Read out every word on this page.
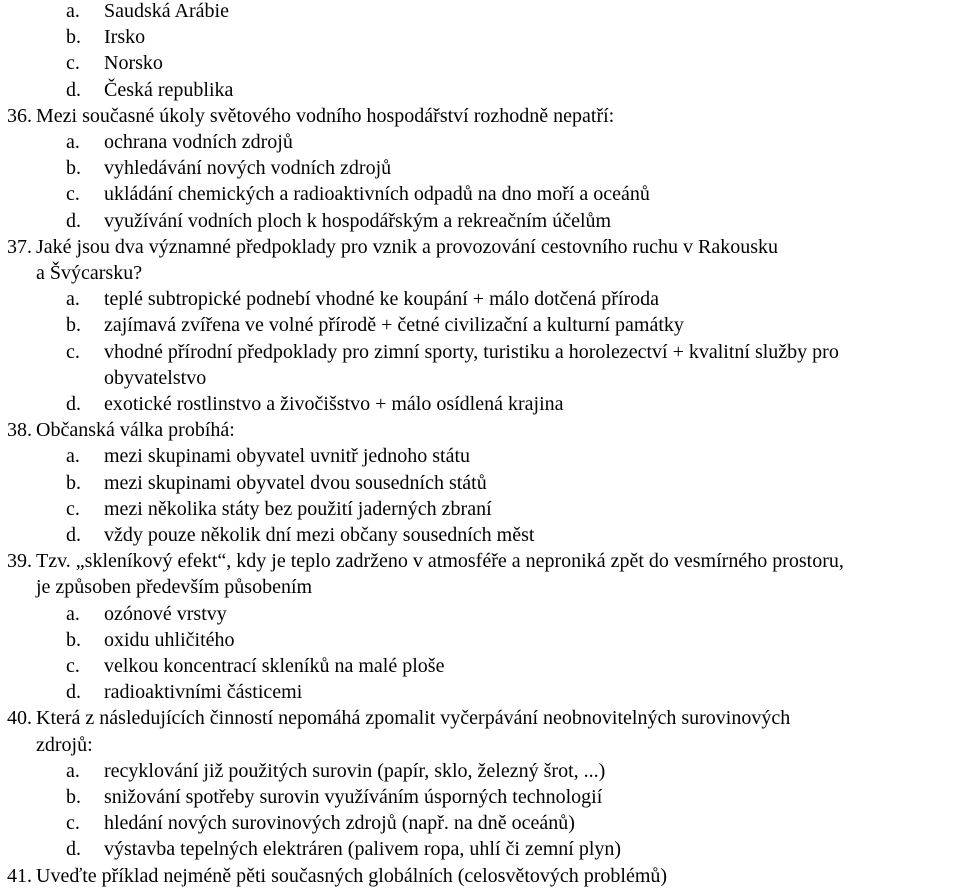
a. Saudská Arábie
b. Irsko
c. Norsko
d. Česká republika
36. Mezi současné úkoly světového vodního hospodářství rozhodně nepatří:
a. ochrana vodních zdrojů
b. vyhledávání nových vodních zdrojů
c. ukládání chemických a radioaktivních odpadů na dno moří a oceánů
d. využívání vodních ploch k hospodářským a rekreačním účelům
37. Jaké jsou dva významné předpoklady pro vznik a provozování cestovního ruchu v Rakousku
a Švýcarsku?
a. teplé subtropické podnebí vhodné ke koupání + málo dotčená příroda
b. zajímavá zvířena ve volné přírodě + četné civilizační a kulturní památky
c. vhodné přírodní předpoklady pro zimní sporty, turistiku a horolezectví + kvalitní služby pro
obyvatelstvo
d. exotické rostlinstvo a živočišstvo + málo osídlená krajina
38. Občanská válka probíhá:
a. mezi skupinami obyvatel uvnitř jednoho státu
b. mezi skupinami obyvatel dvou sousedních států
c. mezi několika státy bez použití jaderných zbraní
d. vždy pouze několik dní mezi občany sousedních měst
39. Tzv. „skleníkový efekt“, kdy je teplo zadrženo v atmosféře a neproniká zpět do vesmírného prostoru,
je způsoben především působením
a. ozónové vrstvy
b. oxidu uhličitého
c. velkou koncentrací skleníků na malé ploše
d. radioaktivními částicemi
40. Která z následujících činností nepomáhá zpomalit vyčerpávání neobnovitelných surovinových
zdrojů:
a. recyklování již použitých surovin (papír, sklo, železný šrot, ...)
b. snižování spotřeby surovin využíváním úsporných technologií
c. hledání nových surovinových zdrojů (např. na dně oceánů)
d. výstavba tepelných elektráren (palivem ropa, uhlí či zemní plyn)
41. Uveďte příklad nejméně pěti současných globálních (celosvětových problémů)
